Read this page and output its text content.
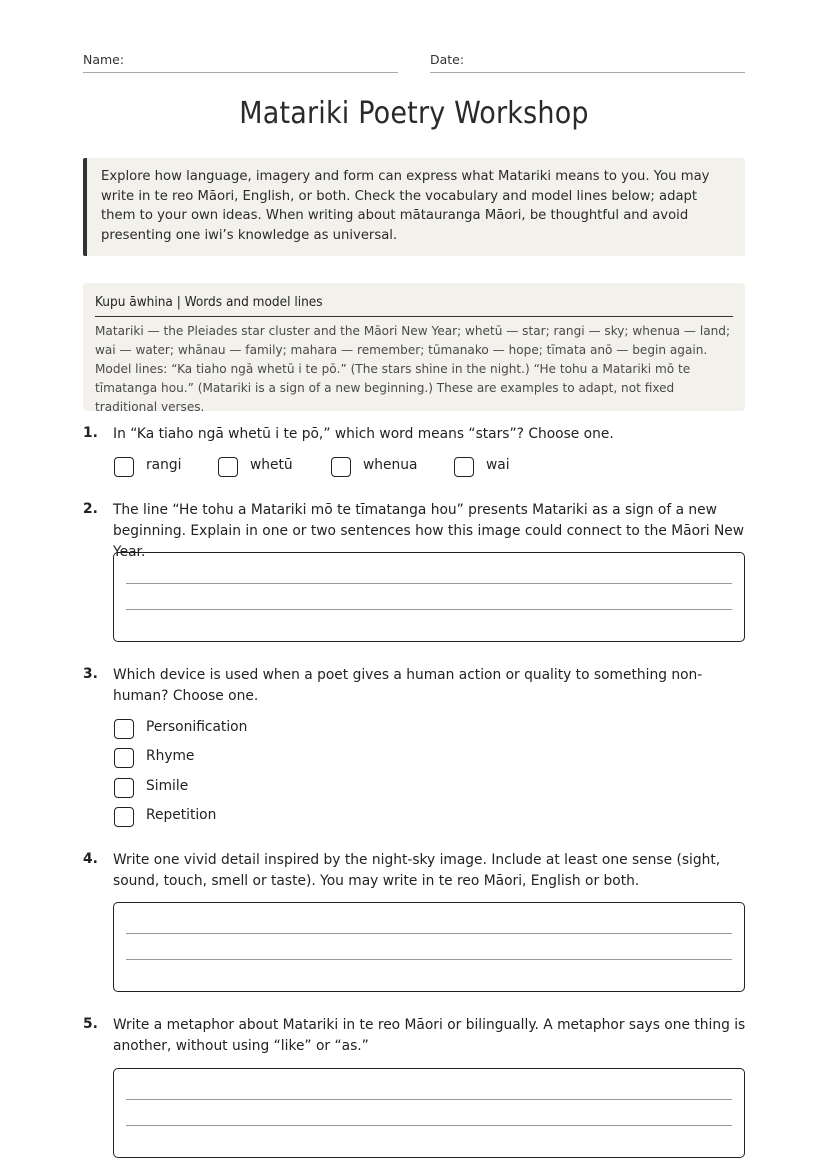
Name:	Date:
Matariki Poetry Workshop
Explore how language, imagery and form can express what Matariki means to you. You may write in te reo Māori, English, or both. Check the vocabulary and model lines below; adapt them to your own ideas. When writing about mātauranga Māori, be thoughtful and avoid presenting one iwi’s knowledge as universal.
Kupu āwhina | Words and model lines
Matariki — the Pleiades star cluster and the Māori New Year; whetū — star; rangi — sky; whenua — land; wai — water; whānau — family; mahara — remember; tūmanako — hope; tīmata anō — begin again. Model lines: “Ka tiaho ngā whetū i te pō.” (The stars shine in the night.) “He tohu a Matariki mō te tīmatanga hou.” (Matariki is a sign of a new beginning.) These are examples to adapt, not fixed traditional verses.
1. In “Ka tiaho ngā whetū i te pō,” which word means “stars”? Choose one.
rangi	whetū	whenua	wai
2. The line “He tohu a Matariki mō te tīmatanga hou” presents Matariki as a sign of a new beginning. Explain in one or two sentences how this image could connect to the Māori New Year.
3. Which device is used when a poet gives a human action or quality to something non-human? Choose one.
Personification
Rhyme
Simile
Repetition
4. Write one vivid detail inspired by the night-sky image. Include at least one sense (sight, sound, touch, smell or taste). You may write in te reo Māori, English or both.
5. Write a metaphor about Matariki in te reo Māori or bilingually. A metaphor says one thing is another, without using “like” or “as.”
